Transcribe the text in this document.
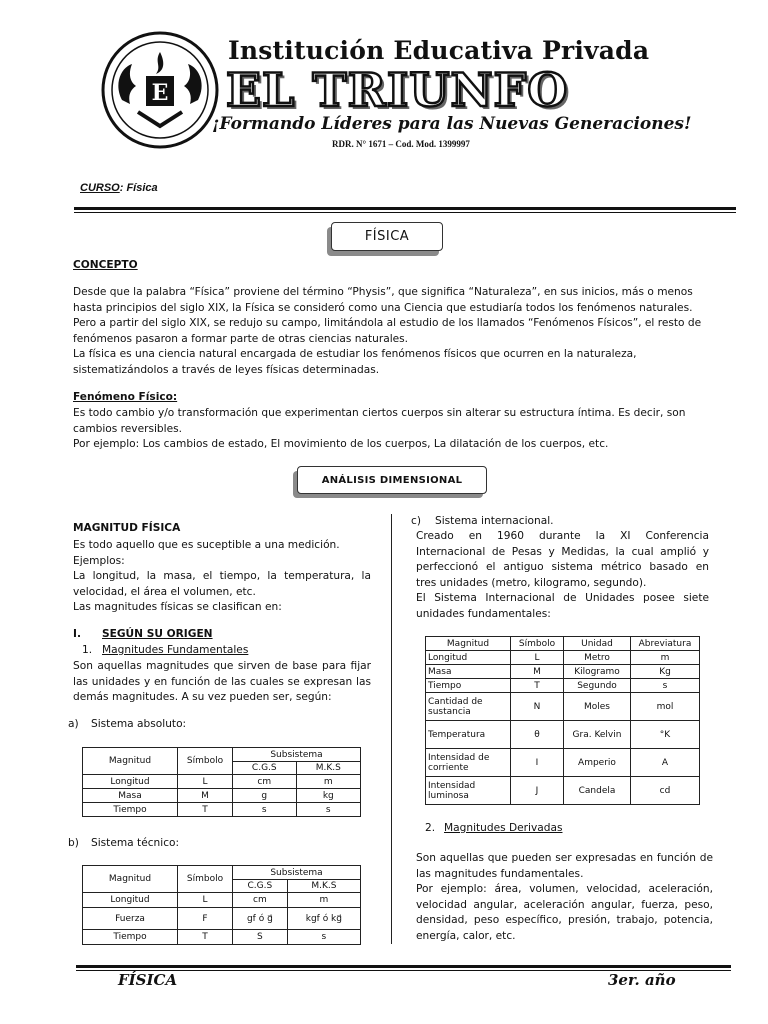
E
Institución Educativa Privada
EL TRIUNFO
¡Formando Líderes para las Nuevas Generaciones!
RDR. N° 1671 – Cod. Mod. 1399997
CURSO: Física
FÍSICA
CONCEPTO
Desde que la palabra “Física” proviene del término “Physis”, que significa “Naturaleza”, en sus inicios, más o menos
hasta principios del siglo XIX, la Física se consideró como una Ciencia que estudiaría todos los fenómenos naturales.
Pero a partir del siglo XIX, se redujo su campo, limitándola al estudio de los llamados “Fenómenos Físicos”, el resto de
fenómenos pasaron a formar parte de otras ciencias naturales.
La física es una ciencia natural encargada de estudiar los fenómenos físicos que ocurren en la naturaleza,
sistematizándolos a través de leyes físicas determinadas.
Fenómeno Físico:
Es todo cambio y/o transformación que experimentan ciertos cuerpos sin alterar su estructura íntima. Es decir, son
cambios reversibles.
Por ejemplo: Los cambios de estado, El movimiento de los cuerpos, La dilatación de los cuerpos, etc.
ANÁLISIS DIMENSIONAL
MAGNITUD FÍSICA
Es todo aquello que es suceptible a una medición.
Ejemplos:
La longitud, la masa, el tiempo, la temperatura, la
velocidad, el área el volumen, etc.
Las magnitudes físicas se clasifican en:
I. SEGÚN SU ORIGEN
1. Magnitudes Fundamentales
Son aquellas magnitudes que sirven de base para fijar
las unidades y en función de las cuales se expresan las
demás magnitudes. A su vez pueden ser, según:
a) Sistema absoluto:
Magnitud	Símbolo	Subsistema	
		C.G.S	M.K.S
Longitud	L	cm	m
Masa	M	g	kg
Tiempo	T	s	s
b) Sistema técnico:
Magnitud	Símbolo	Subsistema	
		C.G.S	M.K.S
Longitud	L	cm	m
Fuerza	F	gf ó g⃗	kgf ó kg⃗
Tiempo	T	S	s
c) Sistema internacional.
Creado en 1960 durante la XI Conferencia
Internacional de Pesas y Medidas, la cual amplió y
perfeccionó el antiguo sistema métrico basado en
tres unidades (metro, kilogramo, segundo).
El Sistema Internacional de Unidades posee siete
unidades fundamentales:
Magnitud	Símbolo	Unidad	Abreviatura
Longitud	L	Metro	m
Masa	M	Kilogramo	Kg
Tiempo	T	Segundo	s
Cantidad de sustancia	N	Moles	mol
Temperatura	θ	Gra. Kelvin	°K
Intensidad de corriente	I	Amperio	A
Intensidad luminosa	J	Candela	cd
2. Magnitudes Derivadas
Son aquellas que pueden ser expresadas en función de
las magnitudes fundamentales.
Por ejemplo: área, volumen, velocidad, aceleración,
velocidad angular, aceleración angular, fuerza, peso,
densidad, peso específico, presión, trabajo, potencia,
energía, calor, etc.
FÍSICA	3er. año
